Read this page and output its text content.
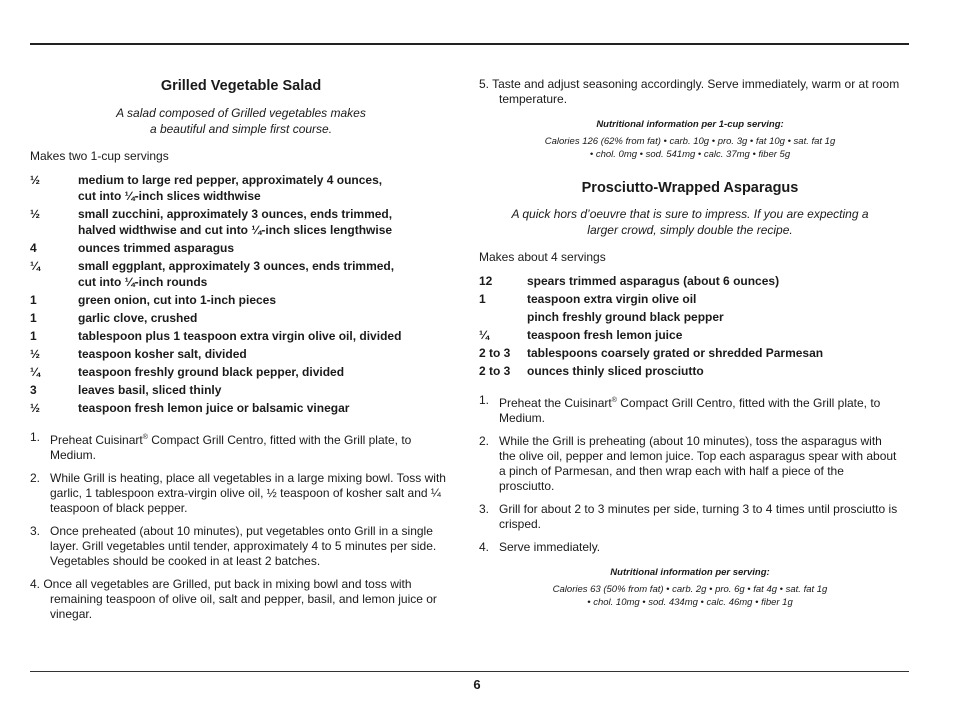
Grilled Vegetable Salad

A salad composed of Grilled vegetables makes

a beautiful and simple first course.

Makes two 1-cup servings

½	medium to large red pepper, approximately 4 ounces,
cut into ¼-inch slices widthwise
½	small zucchini, approximately 3 ounces, ends trimmed,
halved widthwise and cut into ¼-inch slices lengthwise
4	ounces trimmed asparagus
¼	small eggplant, approximately 3 ounces, ends trimmed,
cut into ¼-inch rounds
1	green onion, cut into 1-inch pieces
1	garlic clove, crushed
1	tablespoon plus 1 teaspoon extra virgin olive oil, divided
½	teaspoon kosher salt, divided
¼	teaspoon freshly ground black pepper, divided
3	leaves basil, sliced thinly
½	teaspoon fresh lemon juice or balsamic vinegar
1. Preheat Cuisinart® Compact Grill Centro, fitted with the Grill plate, to Medium.
2. While Grill is heating, place all vegetables in a large mixing bowl. Toss with garlic, 1 tablespoon extra-virgin olive oil, ½ teaspoon of kosher salt and ¼ teaspoon of black pepper.
3. Once preheated (about 10 minutes), put vegetables onto Grill in a single layer. Grill vegetables until tender, approximately 4 to 5 minutes per side. Vegetables should be cooked in at least 2 batches.
4. Once all vegetables are Grilled, put back in mixing bowl and toss with remaining teaspoon of olive oil, salt and pepper, basil, and lemon juice or vinegar.
5. Taste and adjust seasoning accordingly. Serve immediately, warm or at room temperature.

Nutritional information per 1-cup serving:

Calories 126 (62% from fat) • carb. 10g • pro. 3g • fat 10g • sat. fat 1g

• chol. 0mg • sod. 541mg • calc. 37mg • fiber 5g

Prosciutto-Wrapped Asparagus

A quick hors d’oeuvre that is sure to impress. If you are expecting a

larger crowd, simply double the recipe.

Makes about 4 servings

12	spears trimmed asparagus (about 6 ounces)
1	teaspoon extra virgin olive oil
pinch freshly ground black pepper
¼	teaspoon fresh lemon juice
2 to 3	tablespoons coarsely grated or shredded Parmesan
2 to 3	ounces thinly sliced prosciutto
1. Preheat the Cuisinart® Compact Grill Centro, fitted with the Grill plate, to Medium.
2. While the Grill is preheating (about 10 minutes), toss the asparagus with the olive oil, pepper and lemon juice. Top each asparagus spear with about a pinch of Parmesan, and then wrap each with half a piece of the prosciutto.
3. Grill for about 2 to 3 minutes per side, turning 3 to 4 times until prosciutto is crisped.
4. Serve immediately.

Nutritional information per serving:

Calories 63 (50% from fat) • carb. 2g • pro. 6g • fat 4g • sat. fat 1g

• chol. 10mg • sod. 434mg • calc. 46mg • fiber 1g

6
